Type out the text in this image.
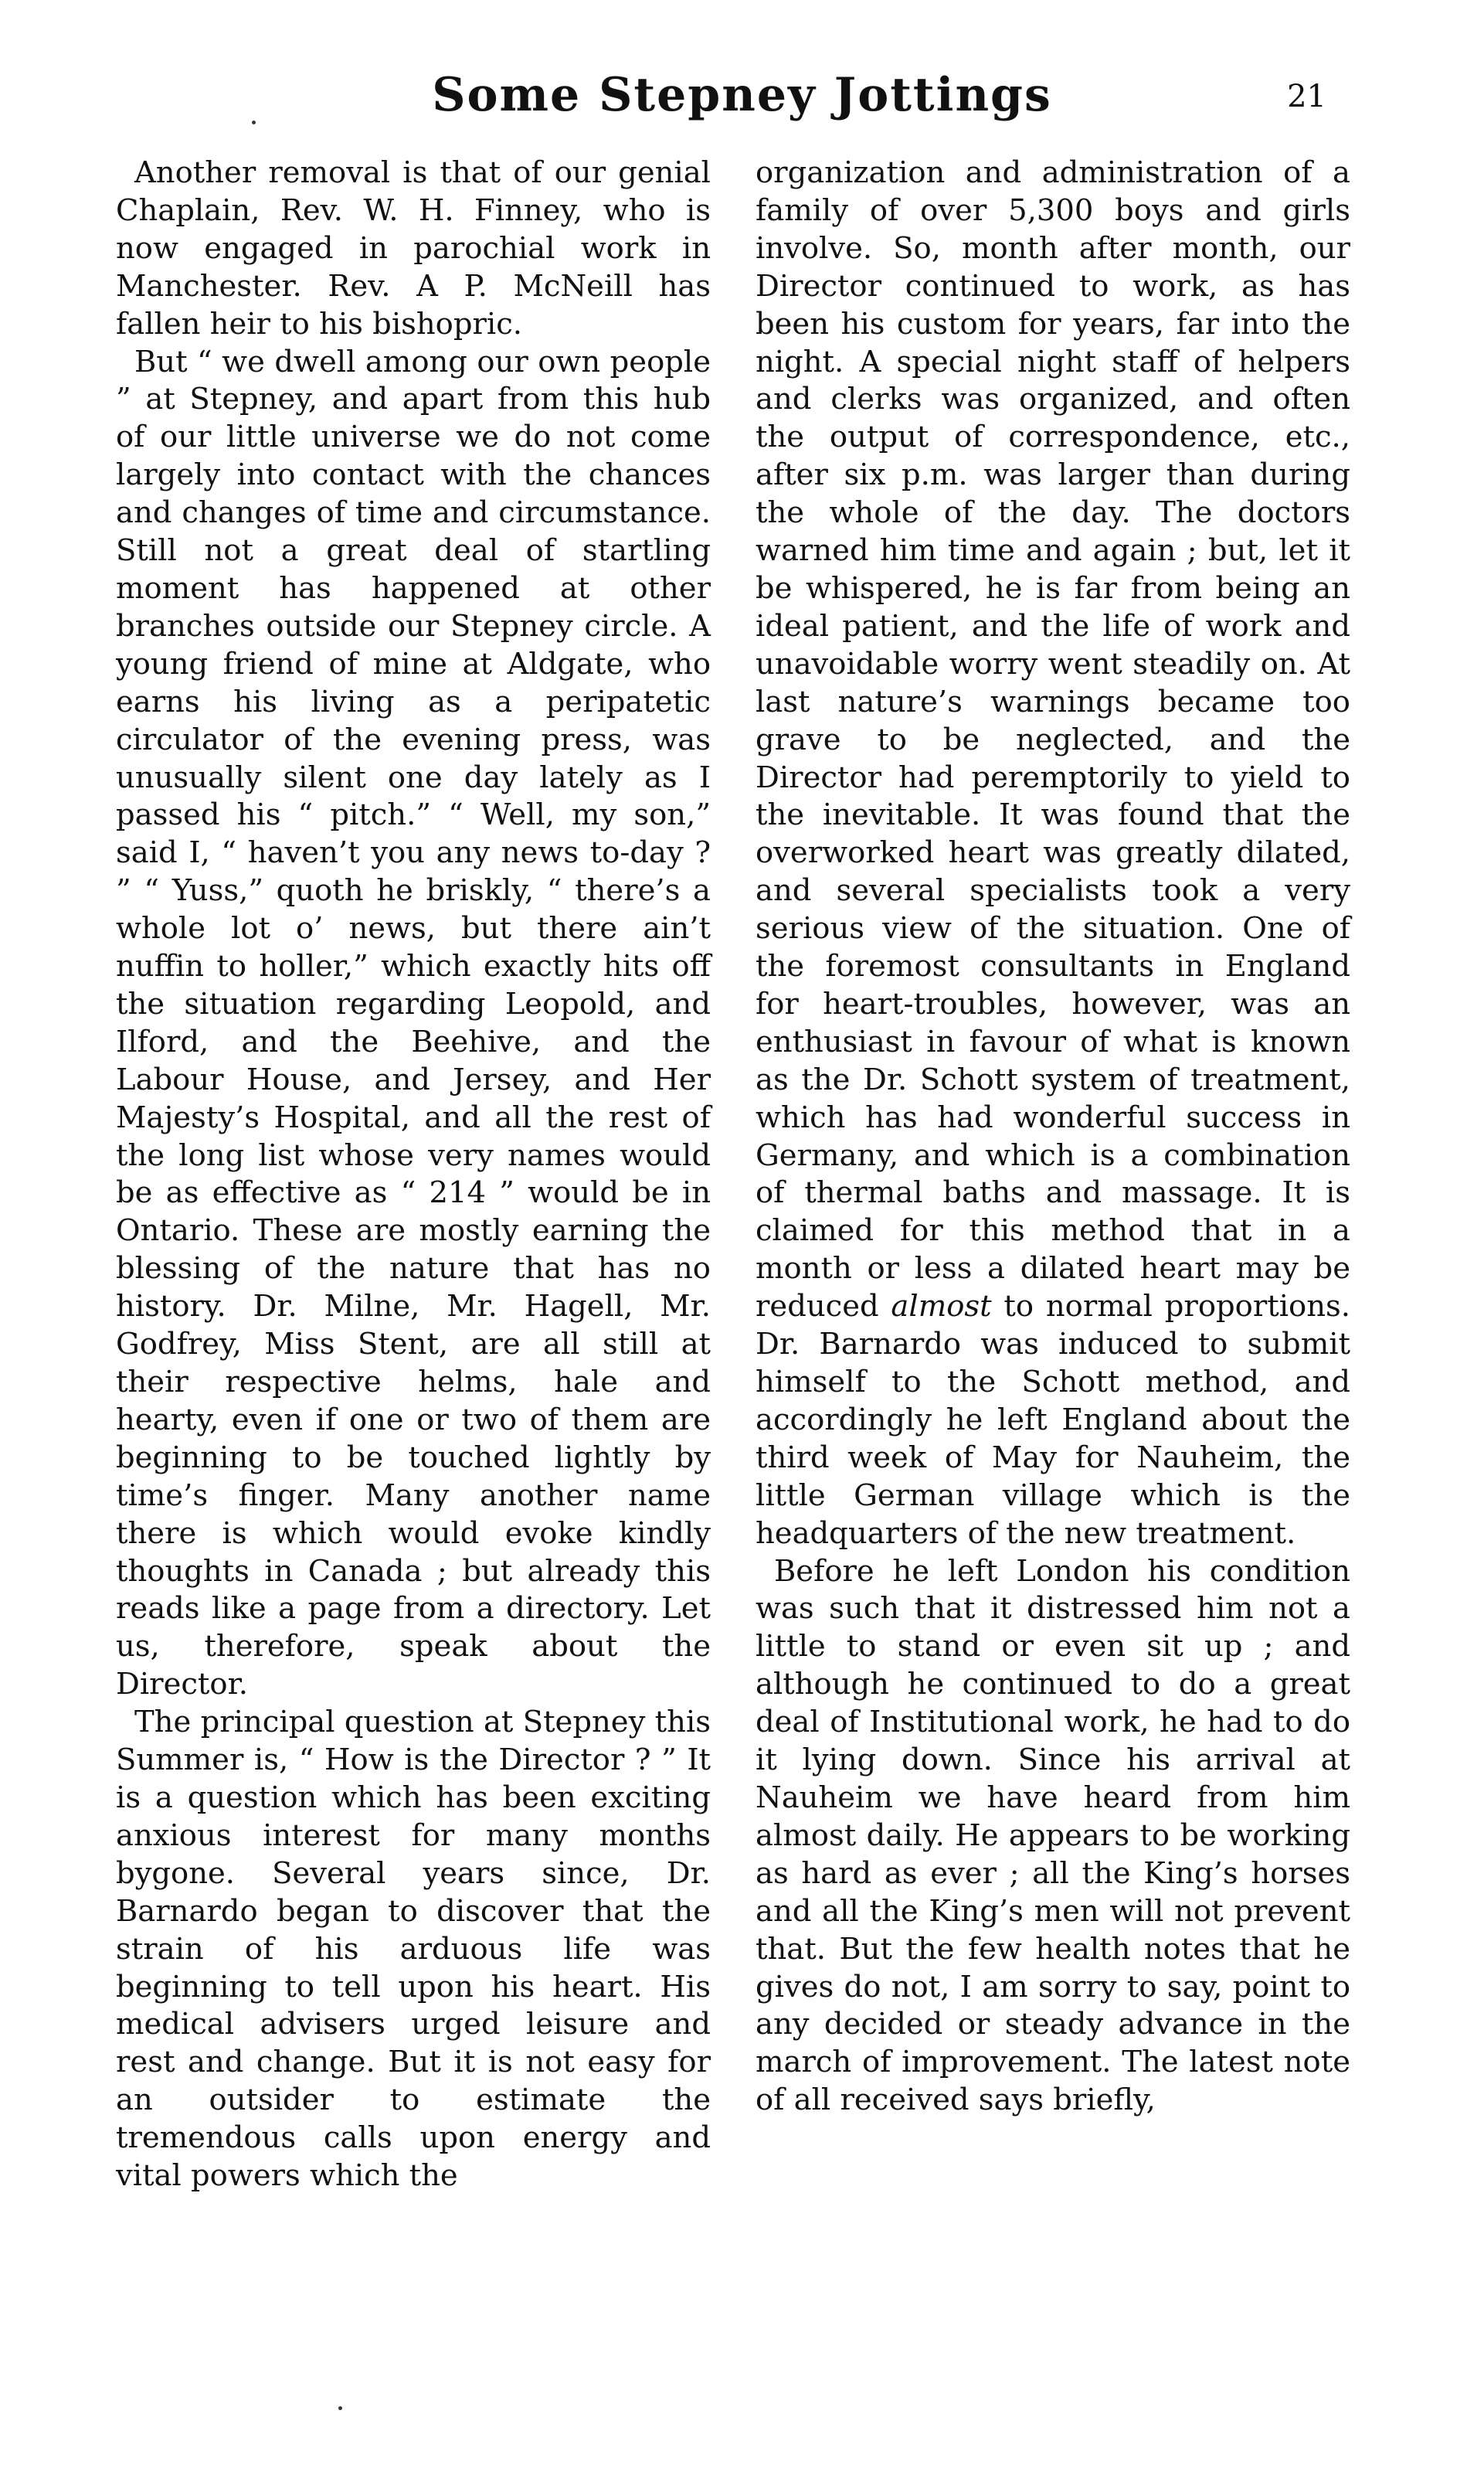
Some Stepney Jottings	21

Another removal is that of our genial Chaplain, Rev. W. H. Finney, who is now engaged in parochial work in Manchester. Rev. A P. McNeill has fallen heir to his bishopric.

But “ we dwell among our own people ” at Stepney, and apart from this hub of our little universe we do not come largely into contact with the chances and changes of time and circumstance. Still not a great deal of startling moment has happened at other branches outside our Stepney circle. A young friend of mine at Aldgate, who earns his living as a peripatetic circulator of the evening press, was unusually silent one day lately as I passed his “ pitch.” “ Well, my son,” said I, “ haven’t you any news to-day ? ” “ Yuss,” quoth he briskly, “ there’s a whole lot o’ news, but there ain’t nuffin to holler,” which exactly hits off the situation regarding Leopold, and Ilford, and the Beehive, and the Labour House, and Jersey, and Her Majesty’s Hospital, and all the rest of the long list whose very names would be as effective as “ 214 ” would be in Ontario. These are mostly earning the blessing of the nature that has no history. Dr. Milne, Mr. Hagell, Mr. Godfrey, Miss Stent, are all still at their respective helms, hale and hearty, even if one or two of them are beginning to be touched lightly by time’s finger. Many another name there is which would evoke kindly thoughts in Canada ; but already this reads like a page from a directory. Let us, therefore, speak about the Director.

The principal question at Stepney this Summer is, “ How is the Director ? ” It is a question which has been exciting anxious interest for many months bygone. Several years since, Dr. Barnardo began to discover that the strain of his arduous life was beginning to tell upon his heart. His medical advisers urged leisure and rest and change. But it is not easy for an outsider to estimate the tremendous calls upon energy and vital powers which the

organization and administration of a family of over 5,300 boys and girls involve. So, month after month, our Director continued to work, as has been his custom for years, far into the night. A special night staff of helpers and clerks was organized, and often the output of correspondence, etc., after six p.m. was larger than during the whole of the day. The doctors warned him time and again ; but, let it be whispered, he is far from being an ideal patient, and the life of work and unavoidable worry went steadily on. At last nature’s warnings became too grave to be neglected, and the Director had peremptorily to yield to the inevitable. It was found that the overworked heart was greatly dilated, and several specialists took a very serious view of the situation. One of the foremost consultants in England for heart-troubles, however, was an enthusiast in favour of what is known as the Dr. Schott system of treatment, which has had wonderful success in Germany, and which is a combination of thermal baths and massage. It is claimed for this method that in a month or less a dilated heart may be reduced almost to normal proportions. Dr. Barnardo was induced to submit himself to the Schott method, and accordingly he left England about the third week of May for Nauheim, the little German village which is the headquarters of the new treatment.

Before he left London his condition was such that it distressed him not a little to stand or even sit up ; and although he continued to do a great deal of Institutional work, he had to do it lying down. Since his arrival at Nauheim we have heard from him almost daily. He appears to be working as hard as ever ; all the King’s horses and all the King’s men will not prevent that. But the few health notes that he gives do not, I am sorry to say, point to any decided or steady advance in the march of improvement. The latest note of all received says briefly,
